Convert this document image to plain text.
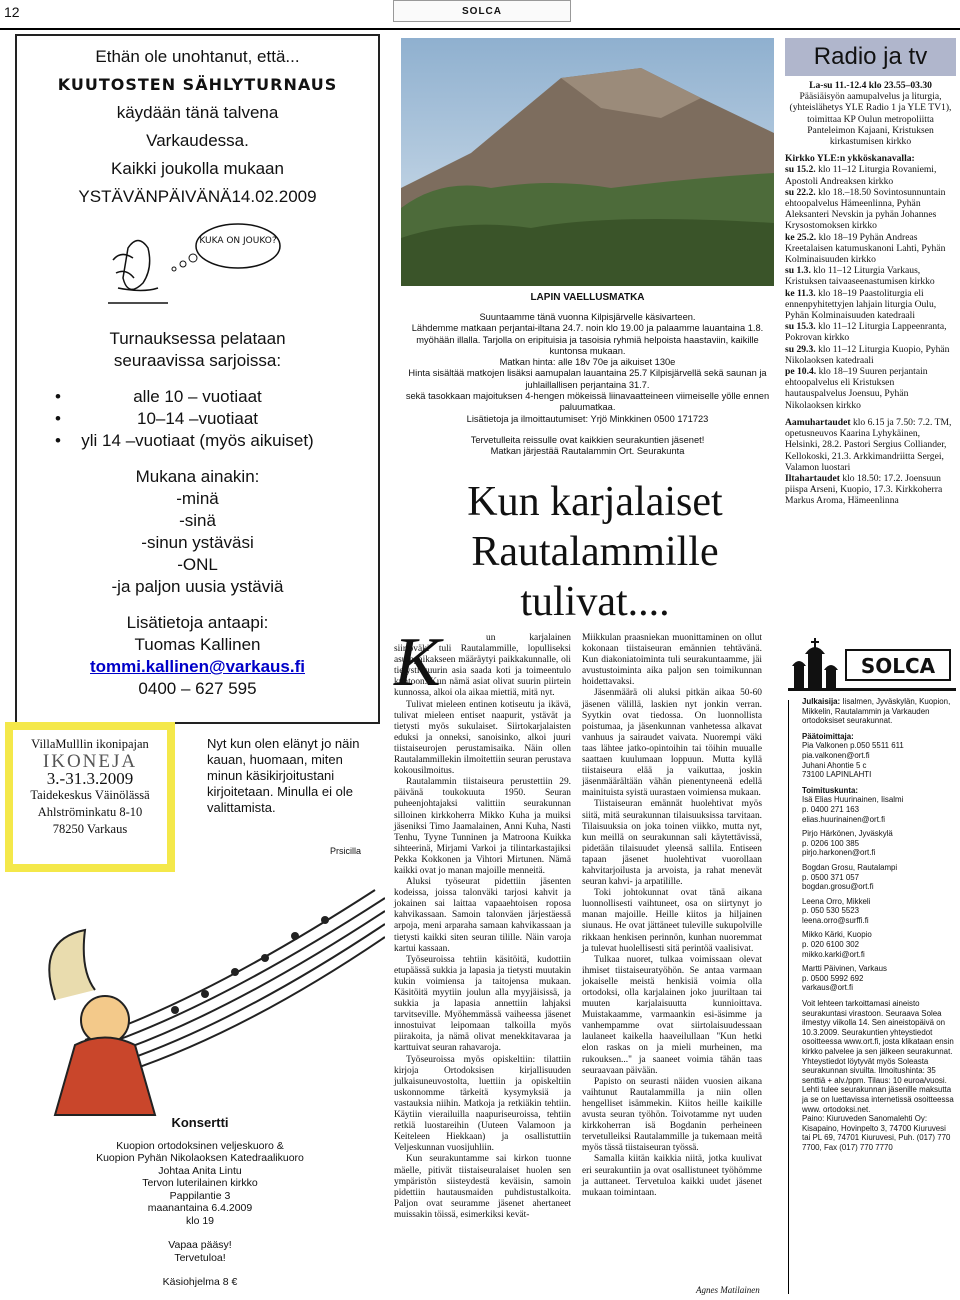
12	SOLCA
Ethän ole unohtanut, että...
KUUTOSTEN SÄHLYTURNAUS
käydään tänä talvena
Varkaudessa.
Kaikki joukolla mukaan
YSTÄVÄNPÄIVÄNÄ14.02.2009
KUKA ON JOUKO?
Turnauksessa pelataan
seuraavissa sarjoissa:
•	alle 10 – vuotiaat
•	10–14 –vuotiaat
• yli 14 –vuotiaat (myös aikuiset)
Mukana ainakin:
-minä
-sinä
-sinun ystäväsi
-ONL
-ja paljon uusia ystäviä
Lisätietoja antaapi:
Tuomas Kallinen
tommi.kallinen@varkaus.fi
0400 – 627 595
VillaMulllin ikonipajan
IKONEJA
3.-31.3.2009
Taidekeskus Väinölässä
Ahlströminkatu 8-10
78250 Varkaus
Nyt kun olen elänyt jo näin kauan, huomaan, miten minun käsikirjoitustani kirjoitetaan. Minulla ei ole valittamista.
Prsicilla
Konsertti
Kuopion ortodoksinen veljeskuoro &
Kuopion Pyhän Nikolaoksen Katedraalikuoro
Johtaa Anita Lintu
Tervon luterilainen kirkko
Pappilantie 3
maanantaina 6.4.2009
klo 19
Vapaa pääsy!
Tervetuloa!
Käsiohjelma 8 €
LAPIN VAELLUSMATKA
Suuntaamme tänä vuonna Kilpisjärvelle käsivarteen.
Lähdemme matkaan perjantai-iltana 24.7. noin klo 19.00 ja palaamme lauantaina 1.8. myöhään illalla. Tarjolla on eripituisia ja tasoisia ryhmiä helpoista haastaviin, kaikille kuntonsa mukaan.
Matkan hinta: alle 18v 70e ja aikuiset 130e
Hinta sisältää matkojen lisäksi aamupalan lauantaina 25.7 Kilpisjärvellä sekä saunan ja juhlaillallisen perjantaina 31.7.
sekä tasokkaan majoituksen 4-hengen mökeissä liinavaatteineen viimeiselle yölle ennen paluumatkaa.
Lisätietoja ja ilmoittautumiset: Yrjö Minkkinen 0500 171723
Tervetulleita reissulle ovat kaikkien seurakuntien jäsenet!
Matkan järjestää Rautalammin Ort. Seurakunta
Kun karjalaiset Rautalammille tulivat....
K	un karjalainen siirtoväki tuli Rautalammille, lopulliseksi asuinpaikakseen määräytyi paikkakunnalle, oli tietysti suurin asia saada koti ja toimeentulo kuntoon. Kun nämä asiat olivat suurin piirtein kunnossa, alkoi ola aikaa miettiä, mitä nyt.

Tulivat mieleen entinen kotiseutu ja ikävä, tulivat mieleen entiset naapurit, ystävät ja tietysti myös sukulaiset. Siirtokarjalaisten eduksi ja onneksi, sanoisinko, alkoi juuri tiistaiseurojen perustamisaika. Näin ollen Rautalammillekin ilmoitettiin seuran perustava kokousilmoitus.

Rautalammin tiistaiseura perustettiin 29. päivänä toukokuuta 1950. Seuran puheenjohtajaksi valittiin seurakunnan silloinen kirkkoherra Mikko Kuha ja muiksi jäseniksi Timo Jaamalainen, Anni Kuha, Nasti Tenhu, Tyyne Tunninen ja Matroona Kuikka sihteerinä, Mirjami Varkoi ja tilintarkastajiksi Pekka Kokkonen ja Vihtori Mirtunen. Nämä kaikki ovat jo manan majoille menneitä.

Aluksi työseurat pidettiin jäsenten kodeissa, joissa talonväki tarjosi kahvit ja jokainen sai laittaa vapaaehtoisen roposa kahvikassaan. Samoin talonväen järjestäessä arpoja, meni arparaha samaan kahvikassaan ja tietysti kaikki siten seuran tilille. Näin varoja kartui kassaan.

Työseuroissa tehtiin käsitöitä, kudottiin etupäässä sukkia ja lapasia ja tietysti muutakin kukin voimiensa ja taitojensa mukaan. Käsitöitä myytiin joulun alla myyjäisissä, ja sukkia ja lapasia annettiin lahjaksi tarvitseville. Myöhemmässä vaiheessa jäsenet innostuivat leipomaan talkoilla myös piirakoita, ja nämä olivat menekkitavaraa ja karttuivat seuran rahavaroja.

Työseuroissa myös opiskeltiin: tilattiin kirjoja Ortodoksisen kirjallisuuden julkaisuneuvostolta, luettiin ja opiskeltiin uskonnomme tärkeitä kysymyksiä ja vastauksia niihin. Matkoja ja retkiäkin tehtiin. Käytiin vierailuilla naapuriseuroissa, tehtiin retkiä luostareihin (Uuteen Valamoon ja Keiteleen Hiekkaan) ja osallistuttiin Veljeskunnan vuosijuhliin.

Kun seurakuntamme sai kirkon tuonne mäelle, pitivät tiistaiseuralaiset huolen sen ympäristön siisteydestä keväisin, samoin pidettiin hautausmaiden puhdistustalkoita. Paljon ovat seuramme jäsenet ahertaneet muissakin töissä, esimerkiksi kevät-

Miikkulan praasniekan muonittaminen on ollut kokonaan tiistaiseuran emännien tehtävänä. Kun diakoniatoiminta tuli seurakuntaamme, jäi avustustoiminta aika paljon sen toimikunnan hoidettavaksi.

Jäsenmäärä oli aluksi pitkän aikaa 50-60 jäsenen välillä, laskien nyt jonkin verran. Syytkin ovat tiedossa. On luonnollista poistumaa, ja jäsenkunnan vanhetessa alkavat vanhuus ja sairaudet vaivata. Nuorempi väki taas lähtee jatko-opintoihin tai töihin muualle saattaen kuulumaan loppuun. Mutta kyllä tiistaiseura elää ja vaikuttaa, joskin jäsenmäärältään vähän pienentyneenä edellä mainituista syistä uurastaen voimiensa mukaan.

Tiistaiseuran emännät huolehtivat myös siitä, mitä seurakunnan tilaisuuksissa tarvitaan. Tilaisuuksia on joka toinen viikko, mutta nyt, kun meillä on seurakunnan sali käytettävissä, pidetään tilaisuudet yleensä sallila. Entiseen tapaan jäsenet huolehtivat vuorollaan kahvitarjoilusta ja arvoista, ja rahat menevät seuran kahvi- ja arpatilille.

Toki johtokunnat ovat tänä aikana luonnollisesti vaihtuneet, osa on siirtynyt jo manan majoille. Heille kiitos ja hiljainen siunaus. He ovat jättäneet tuleville sukupolville rikkaan henkisen perinnön, kunhan nuoremmat ja tulevat huolellisesti sitä perintöä vaalisivat.

Tulkaa nuoret, tulkaa voimissaan olevat ihmiset tiistaiseuratyöhön. Se antaa varmaan jokaiselle meistä henkisiä voimia olla ortodoksi, olla karjalainen joko juuriltaan tai muuten karjalaisuutta kunnioittava. Muistakaamme, varmaankin esi-äsimme ja vanhempamme ovat siirtolaisuudessaan laulaneet kaikella haaveilullaan "Kun hetki elon raskas on ja mieli murheinen, ma rukouksen..." ja saaneet voimia tähän taas seuraavaan päivään.

Papisto on seurasti näiden vuosien aikana vaihtunut Rautalammilla ja niin ollen hengelliset isämmekin. Kiitos heille kaikille avusta seuran työhön. Toivotamme nyt uuden kirkkoherran isä Bogdanin perheineen tervetulleiksi Rautalammille ja tukemaan meitä myös tässä tiistaiseuran työssä.

Samalla kiitän kaikkia niitä, jotka kuulivat eri seurakuntiin ja ovat osallistuneet työhömme ja auttaneet. Tervetuloa kaikki uudet jäsenet mukaan toimintaan.

Agnes Matilainen
Radio ja tv
La-su 11.-12.4 klo 23.55–03.30
Pääsiäisyön aamupalvelus ja liturgia, (yhteislähetys YLE Radio 1 ja YLE TV1), toimittaa KP Oulun metropoliitta Panteleimon Kajaani, Kristuksen kirkastumisen kirkko
Kirkko YLE:n ykköskanavalla:
su 15.2. klo 11–12 Liturgia Rovaniemi, Apostoli Andreaksen kirkko
su 22.2. klo 18.–18.50 Sovintosunnuntain ehtoopalvelus Hämeenlinna, Pyhän Aleksanteri Nevskin ja pyhän Johannes Krysostomoksen kirkko
ke 25.2. klo 18–19 Pyhän Andreas Kreetalaisen katumuskanoni Lahti, Pyhän Kolminaisuuden kirkko
su 1.3. klo 11–12 Liturgia Varkaus, Kristuksen taivaaseenastumisen kirkko
ke 11.3. klo 18–19 Paastoliturgia eli ennenpyhitettyjen lahjain liturgia Oulu, Pyhän Kolminaisuuden katedraali
su 15.3. klo 11–12 Liturgia Lappeenranta, Pokrovan kirkko
su 29.3. klo 11–12 Liturgia Kuopio, Pyhän Nikolaoksen katedraali
pe 10.4. klo 18–19 Suuren perjantain ehtoopalvelus eli Kristuksen hautauspalvelus Joensuu, Pyhän Nikolaoksen kirkko
Aamuhartaudet klo 6.15 ja 7.50: 7.2. TM, opetusneuvos Kaarina Lyhykäinen, Helsinki, 28.2. Pastori Sergius Colliander, Kellokoski, 21.3. Arkkimandriitta Sergei, Valamon luostari
Iltahartaudet klo 18.50: 17.2. Joensuun piispa Arseni, Kuopio, 17.3. Kirkkoherra Markus Aroma, Hämeenlinna
SOLCA
Julkaisija: Iisalmen, Jyväskylän, Kuopion, Mikkelin, Rautalammin ja Varkauden ortodoksiset seurakunnat.
Päätoimittaja:
Pia Valkonen p.050 5511 611
pia.valkonen@ort.fi
Juhani Ahontie 5 c
73100 LAPINLAHTI
Toimituskunta:
Isä Elias Huurinainen, Iisalmi
p. 0400 271 163
elias.huurinainen@ort.fi
Pirjo Härkönen, Jyväskylä
p. 0206 100 385
pirjo.harkonen@ort.fi
Bogdan Grosu, Rautalampi
p. 0500 371 057
bogdan.grosu@ort.fi
Leena Orro, Mikkeli
p. 050 530 5523
leena.orro@surffi.fi
Mikko Kärki, Kuopio
p. 020 6100 302
mikko.karki@ort.fi
Martti Päivinen, Varkaus
p. 0500 5992 692
varkaus@ort.fi
Voit lehteen tarkoittamasi aineisto seurakuntasi virastoon. Seuraava Solea ilmestyy viikolla 14. Sen aineistopäivä on 10.3.2009. Seurakuntien yhteystiedot osoitteessa www.ort.fi, josta klikataan ensin kirkko palvelee ja sen jälkeen seurakunnat.
Yhteystiedot löytyvät myös Soleasta seurakunnan sivuilta. Ilmoitushinta: 35 senttiä + alv./ppm. Tilaus: 10 euroa/vuosi. Lehti tulee seurakunnan jäsenille maksutta ja se on luettavissa internetissä osoitteessa www. ortodoksi.net.
Paino: Kiuruveden Sanomalehti Oy: Kisapaino, Hovinpelto 3, 74700 Kiuruvesi tai PL 69, 74701 Kiuruvesi, Puh. (017) 770 7700, Fax (017) 770 7770
